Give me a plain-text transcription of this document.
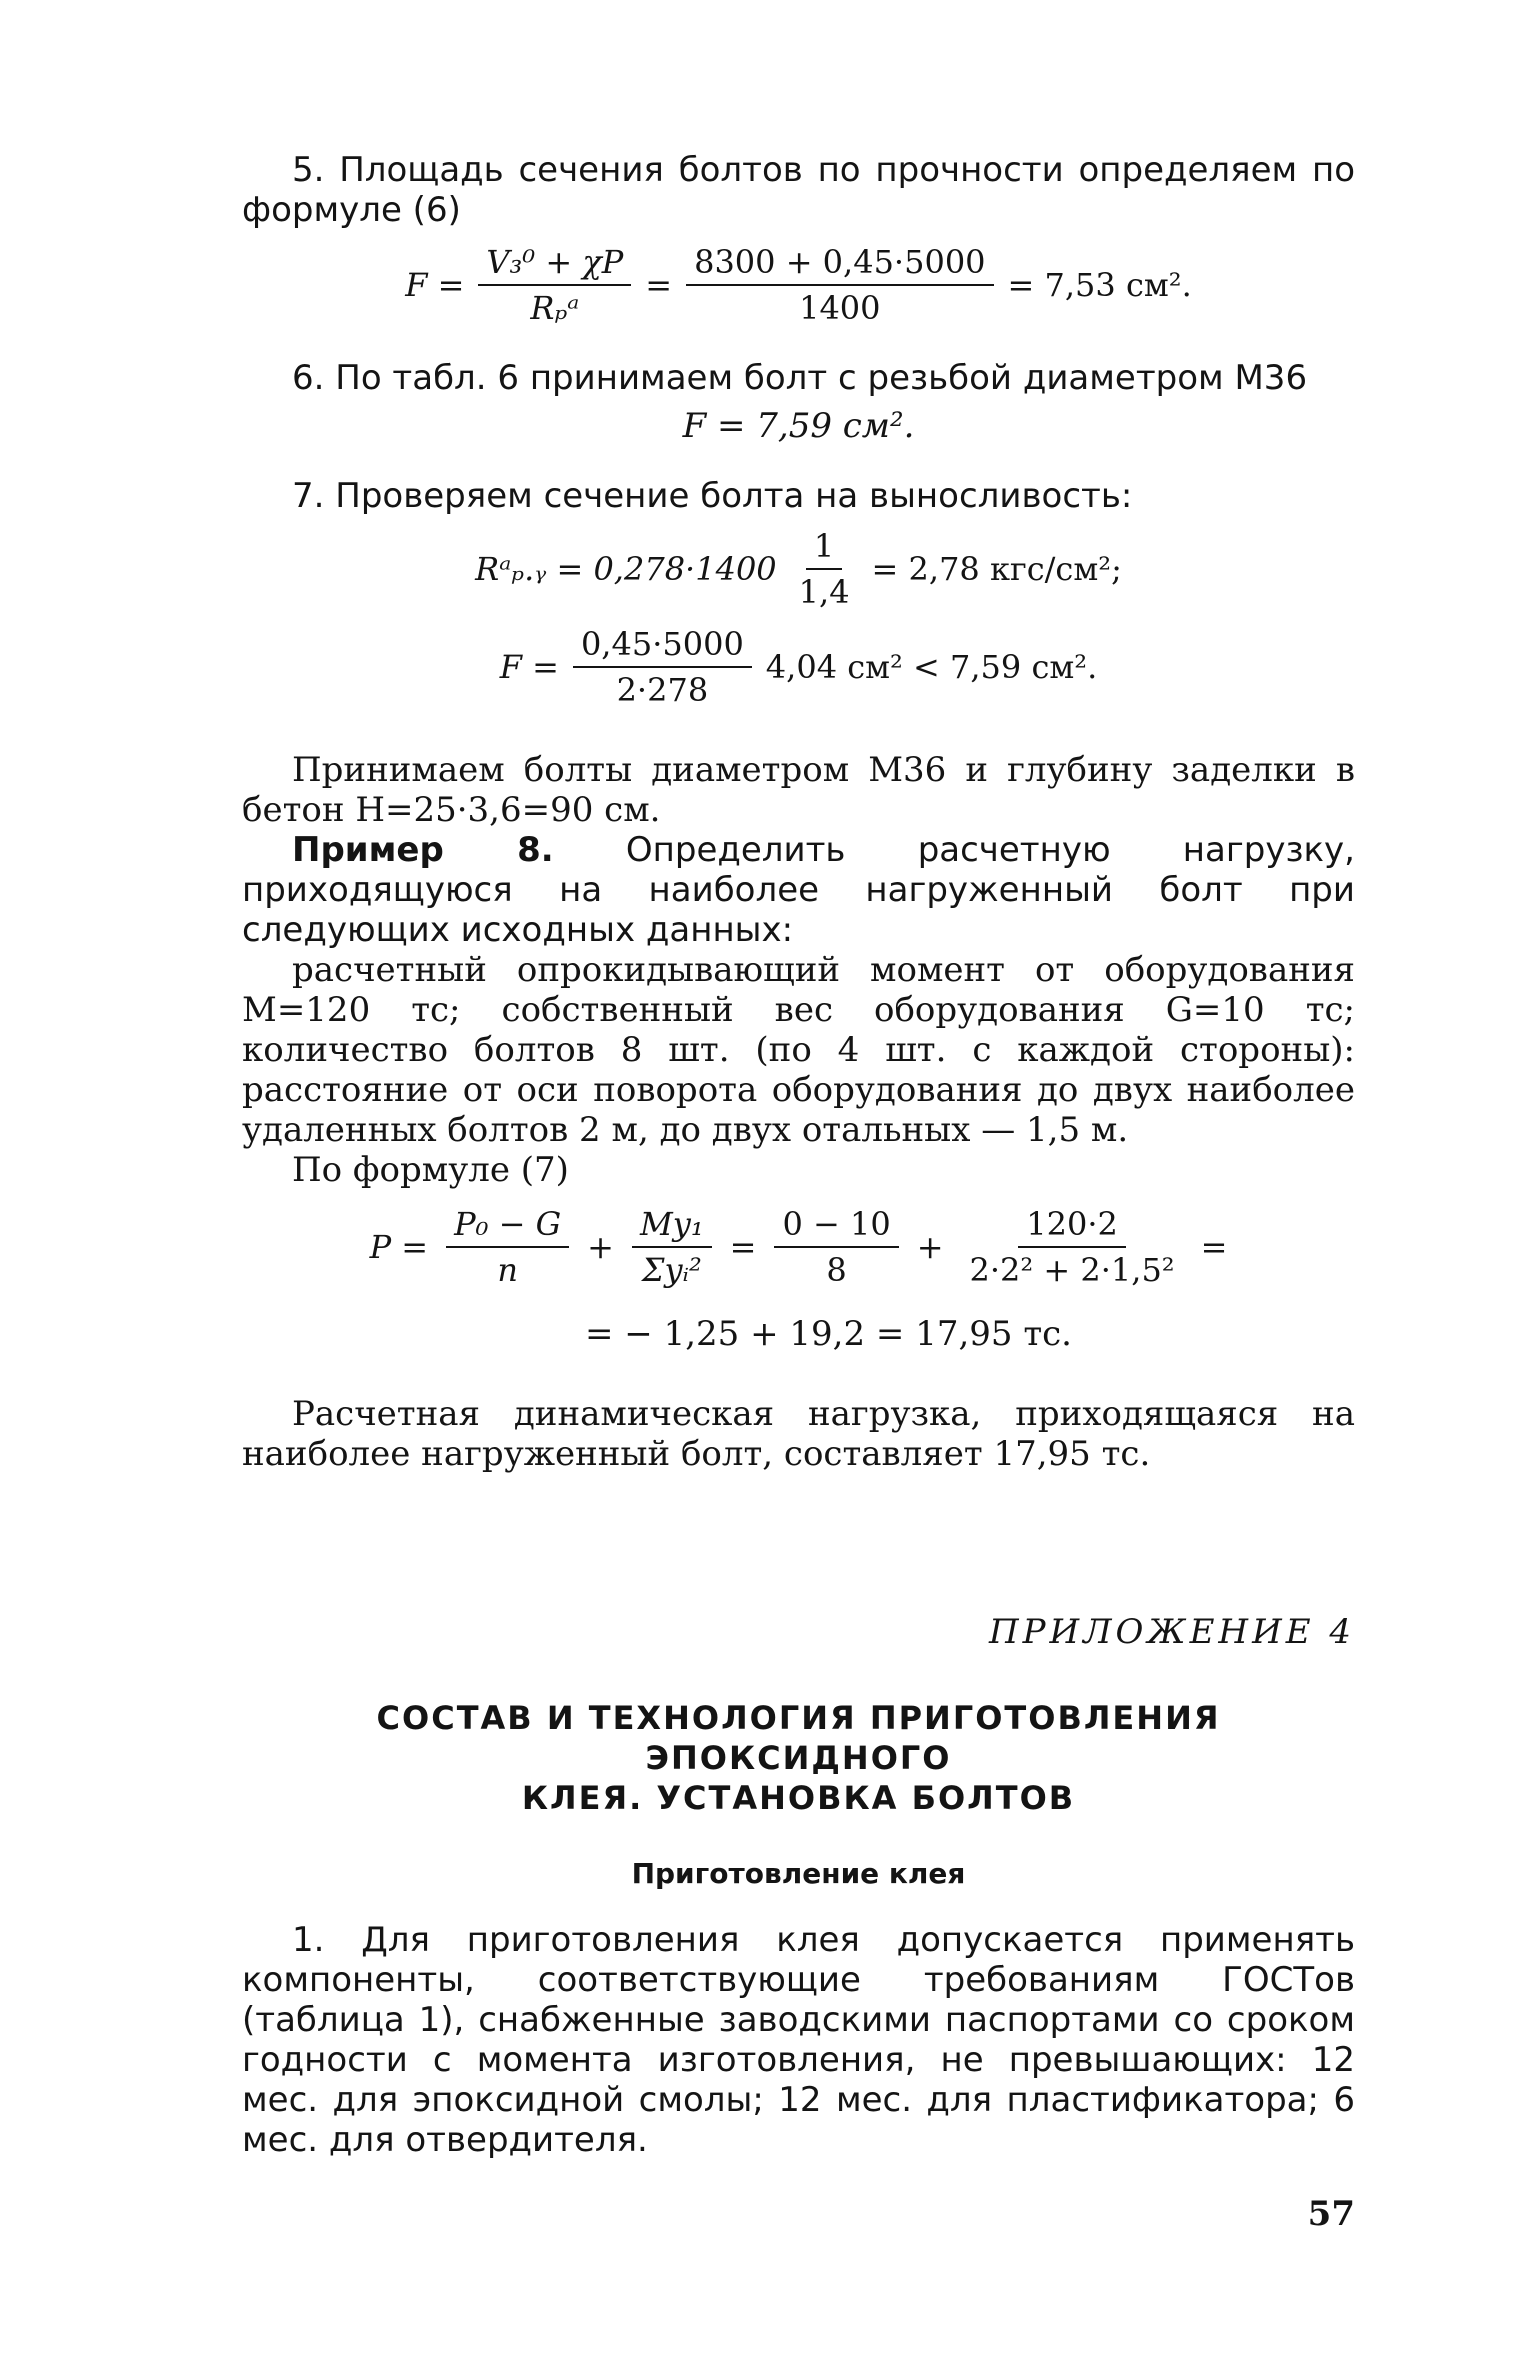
5. Площадь сечения болтов по прочности определяем по формуле (6)

$F = \frac{\text{V₃⁰ + χP}}{\text{Rₚᵃ}} = \frac{8300 + 0,45\cdot 5000}{1400} = 7,53$ см².

6. По табл. 6 принимаем болт с резьбой диаметром М36

F = 7,59 см².

7. Проверяем сечение болта на выносливость:

Rᵃₚ.ᵧ = $0,278\cdot 1400 \frac{1}{1,4} = 2,78$ кгс/см²;
$F = \frac{0,45\cdot 5000}{2\cdot 278} 4,04$ см² < 7,59 см².

Принимаем болты диаметром М36 и глубину заделки в бетон H=25·3,6=90 см.

Пример 8. Определить расчетную нагрузку, приходящуюся на наиболее нагруженный болт при следующих исходных данных:

расчетный опрокидывающий момент от оборудования M=120 тс; собственный вес оборудования G=10 тс; количество болтов 8 шт. (по 4 шт. с каждой стороны): расстояние от оси поворота оборудования до двух наиболее удаленных болтов 2 м, до двух отальных — 1,5 м.

По формуле (7)

$P = \frac{\text{P₀ − G}}{n} + \frac{\text{My₁}}{\text{Σyᵢ²}} = \frac{0 - 10}{8} + \frac{120\cdot 2}{\text{2·2² + 2·1,5²}}$ =

= − 1,25 + 19,2 = 17,95 тс.

Расчетная динамическая нагрузка, приходящаяся на наиболее нагруженный болт, составляет 17,95 тс.

ПРИЛОЖЕНИЕ 4
СОСТАВ И ТЕХНОЛОГИЯ ПРИГОТОВЛЕНИЯ ЭПОКСИДНОГО
КЛЕЯ. УСТАНОВКА БОЛТОВ
Приготовление клея

1. Для приготовления клея допускается применять компоненты, соответствующие требованиям ГОСТов (таблица 1), снабженные заводскими паспортами со сроком годности с момента изготовления, не превышающих: 12 мес. для эпоксидной смолы; 12 мес. для пластификатора; 6 мес. для отвердителя.

57
